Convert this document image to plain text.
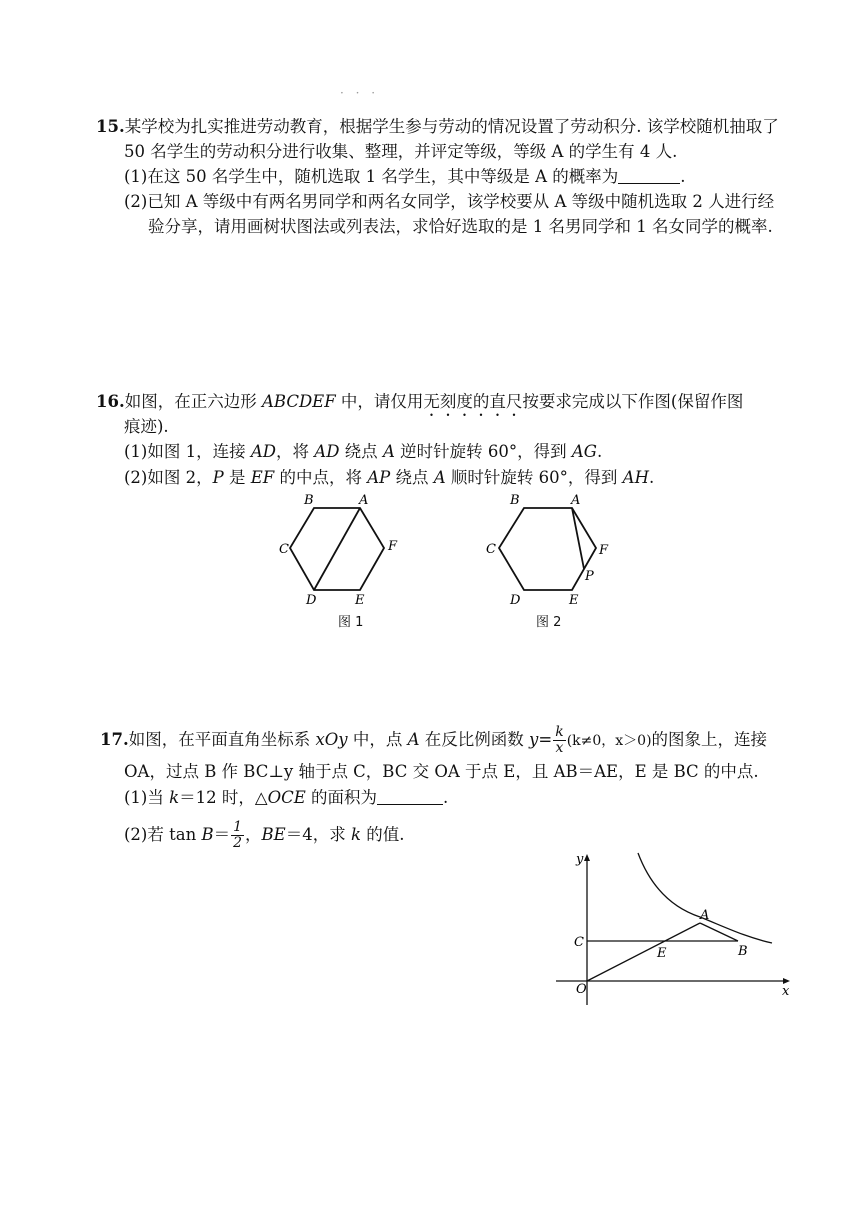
· · ·
15.某学校为扎实推进劳动教育，根据学生参与劳动的情况设置了劳动积分. 该学校随机抽取了
50 名学生的劳动积分进行收集、整理，并评定等级，等级 A 的学生有 4 人.
(1)在这 50 名学生中，随机选取 1 名学生，其中等级是 A 的概率为	.
(2)已知 A 等级中有两名男同学和两名女同学，该学校要从 A 等级中随机选取 2 人进行经
验分享，请用画树状图法或列表法，求恰好选取的是 1 名男同学和 1 名女同学的概率.
16.如图，在正六边形 ABCDEF 中，请仅用无刻度的直尺按要求完成以下作图(保留作图
痕迹).
(1)如图 1，连接 AD，将 AD 绕点 A 逆时针旋转 60°，得到 AG.
(2)如图 2，P 是 EF 的中点，将 AP 绕点 A 顺时针旋转 60°，得到 AH.
A
B
C
D	E
F
图 1
A
B
C
D	E
F
P
图 2
17.如图，在平面直角坐标系 xOy 中，点 A 在反比例函数 $y= \frac{k}{x} (k\ne 0$，x＞0)的图象上，连接
OA，过点 B 作 BC⊥y 轴于点 C，BC 交 OA 于点 E，且 AB＝AE，E 是 BC 的中点.
(1)当 k＝12 时，△OCE 的面积为	.
(2)若 $\tan B= \frac{1}{2}$ ，BE＝4，求 k 的值.
y
x
O
C
E
A
B
